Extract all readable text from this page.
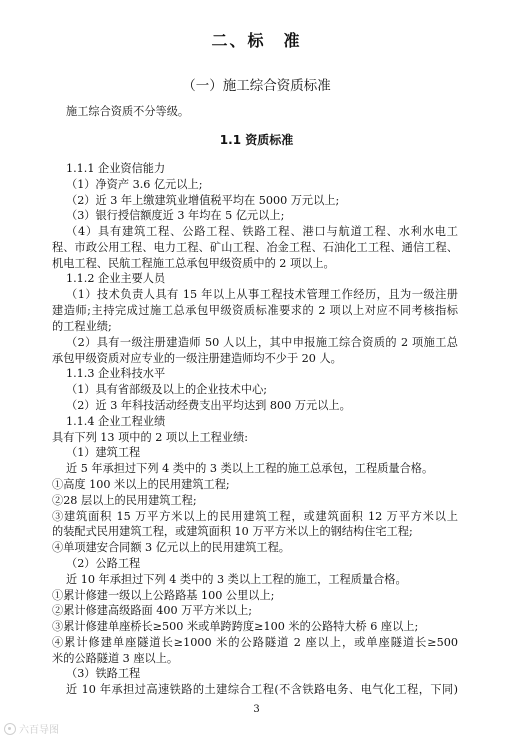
二、标　准
（一）施工综合资质标准
施工综合资质不分等级。
1.1 资质标准
1.1.1 企业资信能力
（1）净资产 3.6 亿元以上;
（2）近 3 年上缴建筑业增值税平均在 5000 万元以上;
（3）银行授信额度近 3 年均在 5 亿元以上;
（4）具有建筑工程、公路工程、铁路工程、港口与航道工程、水利水电工
程、市政公用工程、电力工程、矿山工程、冶金工程、石油化工工程、通信工程、
机电工程、民航工程施工总承包甲级资质中的 2 项以上。
1.1.2 企业主要人员
（1）技术负责人具有 15 年以上从事工程技术管理工作经历，且为一级注册
建造师;主持完成过施工总承包甲级资质标准要求的 2 项以上对应不同考核指标
的工程业绩;
（2）具有一级注册建造师 50 人以上，其中申报施工综合资质的 2 项施工总
承包甲级资质对应专业的一级注册建造师均不少于 20 人。
1.1.3 企业科技水平
（1）具有省部级及以上的企业技术中心;
（2）近 3 年科技活动经费支出平均达到 800 万元以上。
1.1.4 企业工程业绩
具有下列 13 项中的 2 项以上工程业绩:
（1）建筑工程
近 5 年承担过下列 4 类中的 3 类以上工程的施工总承包，工程质量合格。
①高度 100 米以上的民用建筑工程;
②28 层以上的民用建筑工程;
③建筑面积 15 万平方米以上的民用建筑工程，或建筑面积 12 万平方米以上
的装配式民用建筑工程，或建筑面积 10 万平方米以上的钢结构住宅工程;
④单项建安合同额 3 亿元以上的民用建筑工程。
（2）公路工程
近 10 年承担过下列 4 类中的 3 类以上工程的施工，工程质量合格。
①累计修建一级以上公路路基 100 公里以上;
②累计修建高级路面 400 万平方米以上;
③累计修建单座桥长≥500 米或单跨跨度≥100 米的公路特大桥 6 座以上;
④累计修建单座隧道长≥1000 米的公路隧道 2 座以上，或单座隧道长≥500
米的公路隧道 3 座以上。
（3）铁路工程
近 10 年承担过高速铁路的土建综合工程(不含铁路电务、电气化工程，下同)
3
六百导图
